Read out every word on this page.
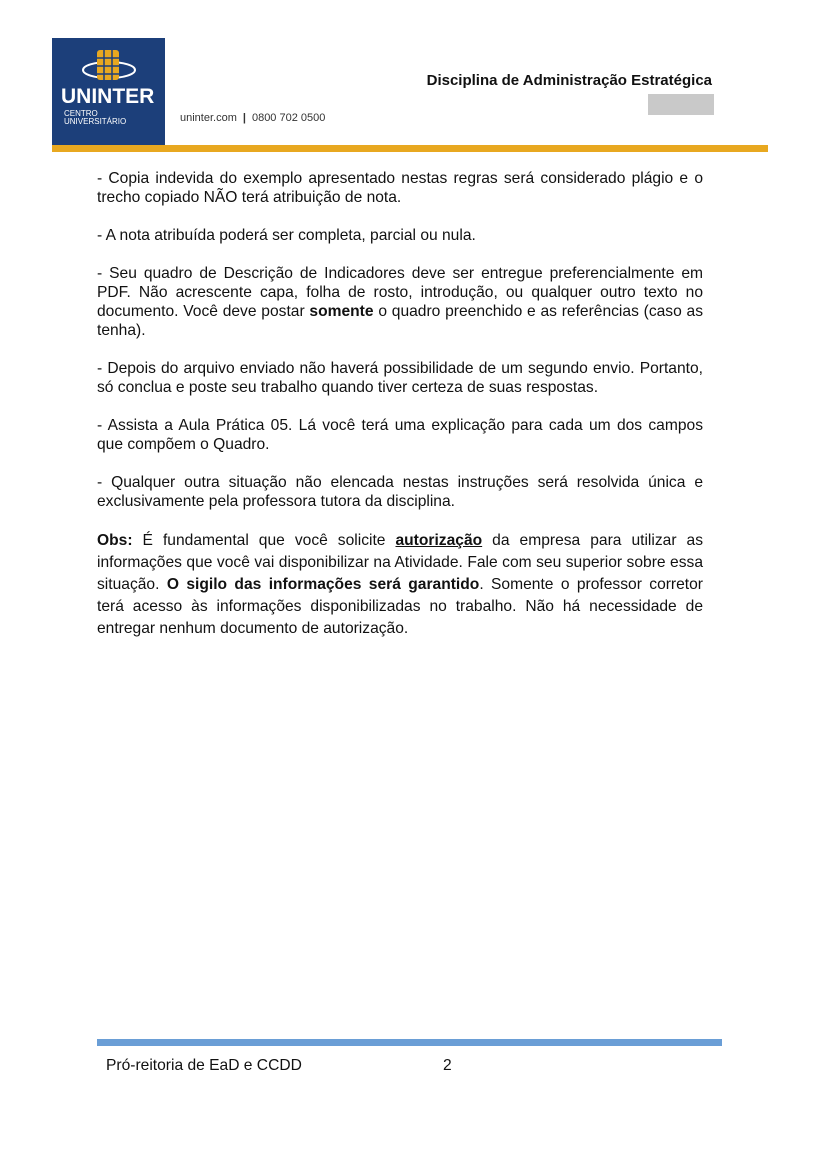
UNINTER
CENTRO
UNIVERSITÁRIO	uninter.com | 0800 702 0500
Disciplina de Administração Estratégica

- Copia indevida do exemplo apresentado nestas regras será considerado plágio e o trecho copiado NÃO terá atribuição de nota.

- A nota atribuída poderá ser completa, parcial ou nula.

- Seu quadro de Descrição de Indicadores deve ser entregue preferencialmente em PDF. Não acrescente capa, folha de rosto, introdução, ou qualquer outro texto no documento. Você deve postar somente o quadro preenchido e as referências (caso as tenha).

- Depois do arquivo enviado não haverá possibilidade de um segundo envio. Portanto, só conclua e poste seu trabalho quando tiver certeza de suas respostas.

- Assista a Aula Prática 05. Lá você terá uma explicação para cada um dos campos que compõem o Quadro.

- Qualquer outra situação não elencada nestas instruções será resolvida única e exclusivamente pela professora tutora da disciplina.

Obs: É fundamental que você solicite autorização da empresa para utilizar as informações que você vai disponibilizar na Atividade. Fale com seu superior sobre essa situação. O sigilo das informações será garantido. Somente o professor corretor terá acesso às informações disponibilizadas no trabalho. Não há necessidade de entregar nenhum documento de autorização.

Pró-reitoria de EaD e CCDD	2
